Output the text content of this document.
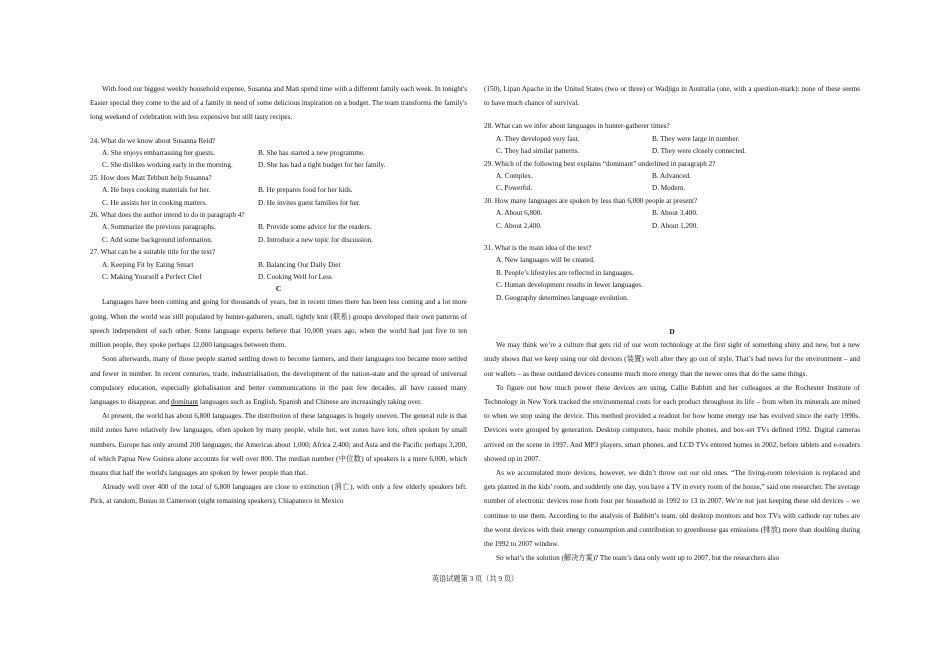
With food our biggest weekly household expense, Susanna and Matt spend time with a different family each week. In tonight's Easter special they come to the aid of a family in need of some delicious inspiration on a budget. The team transforms the family's long weekend of celebration with less expensive but still tasty recipes.

24. What do we know about Susanna Reid?

A. She enjoys embarrassing her guests.	B. She has started a new programme.
C. She dislikes working early in the morning.	D. She has had a tight budget for her family.

25. How does Matt Tebbutt help Susanna?

A. He buys cooking materials for her.	B. He prepares food for her kids.
C. He assists her in cooking matters.	D. He invites guest families for her.

26. What does the author intend to do in paragraph 4?

A. Summarize the previous paragraphs.	B. Provide some advice for the readers.
C. Add some background information.	D. Introduce a new topic for discussion.

27. What can be a suitable title for the text?

A. Keeping Fit by Eating Smart	B. Balancing Our Daily Diet
C. Making Yourself a Perfect Chef	D. Cooking Well for Less

C

Languages have been coming and going for thousands of years, but in recent times there has been less coming and a lot more going. When the world was still populated by hunter-gatherers, small, tightly knit (联系) groups developed their own patterns of speech independent of each other. Some language experts believe that 10,000 years ago, when the world had just five to ten million people, they spoke perhaps 12,000 languages between them.

Soon afterwards, many of those people started settling down to become farmers, and their languages too became more settled and fewer in number. In recent centuries, trade, industrialisation, the development of the nation-state and the spread of universal compulsory education, especially globalisation and better communications in the past few decades, all have caused many languages to disappear, and dominant languages such as English, Spanish and Chinese are increasingly taking over.

At present, the world has about 6,800 languages. The distribution of these languages is hugely uneven. The general rule is that mild zones have relatively few languages, often spoken by many people, while hot, wet zones have lots, often spoken by small numbers. Europe has only around 200 languages; the Americas about 1,000; Africa 2,400; and Asia and the Pacific perhaps 3,200, of which Papua New Guinea alone accounts for well over 800. The median number (中位数) of speakers is a mere 6,000, which means that half the world's languages are spoken by fewer people than that.

Already well over 400 of the total of 6,800 languages are close to extinction (消亡), with only a few elderly speakers left. Pick, at random, Busuu in Cameroon (eight remaining speakers), Chiapaneco in Mexico

(150), Lipan Apache in the United States (two or three) or Wadjigu in Australia (one, with a question-mark): none of these seems to have much chance of survival.

28. What can we infer about languages in hunter-gatherer times?

A. They developed very fast.	B. They were large in number.
C. They had similar patterns.	D. They were closely connected.

29. Which of the following best explains “dominant” underlined in paragraph 2?

A. Complex.	B. Advanced.
C. Powerful.	D. Modern.

30. How many languages are spoken by less than 6,000 people at present?

A. About 6,800.	B. About 3,400.
C. About 2,400.	D. About 1,200.

31. What is the main idea of the text?

A. New languages will be created.
B. People’s lifestyles are reflected in languages.
C. Human development results in fewer languages.
D. Geography determines language evolution.

D

We may think we’re a culture that gets rid of our worn technology at the first sight of something shiny and new, but a new study shows that we keep using our old devices (装置) well after they go out of style. That’s bad news for the environment – and our wallets – as these outdated devices consume much more energy than the newer ones that do the same things.

To figure out how much power these devices are using, Callie Babbitt and her colleagues at the Rochester Institute of Technology in New York tracked the environmental costs for each product throughout its life – from when its minerals are mined to when we stop using the device. This method provided a readout for how home energy use has evolved since the early 1990s. Devices were grouped by generation. Desktop computers, basic mobile phones, and box-set TVs defined 1992. Digital cameras arrived on the scene in 1997. And MP3 players, smart phones, and LCD TVs entered homes in 2002, before tablets and e-readers showed up in 2007.

As we accumulated more devices, however, we didn’t throw out our old ones. “The living-room television is replaced and gets planted in the kids’ room, and suddenly one day, you have a TV in every room of the house,” said one researcher. The average number of electronic devices rose from four per household in 1992 to 13 in 2007. We’re not just keeping these old devices – we continue to use them. According to the analysis of Babbitt’s team, old desktop monitors and box TVs with cathode ray tubes are the worst devices with their energy consumption and contribution to greenhouse gas emissions (排放) more than doubling during the 1992 to 2007 window.

So what’s the solution (解决方案)? The team’s data only went up to 2007, but the researchers also

英语试题第 3 页（共 9 页）
